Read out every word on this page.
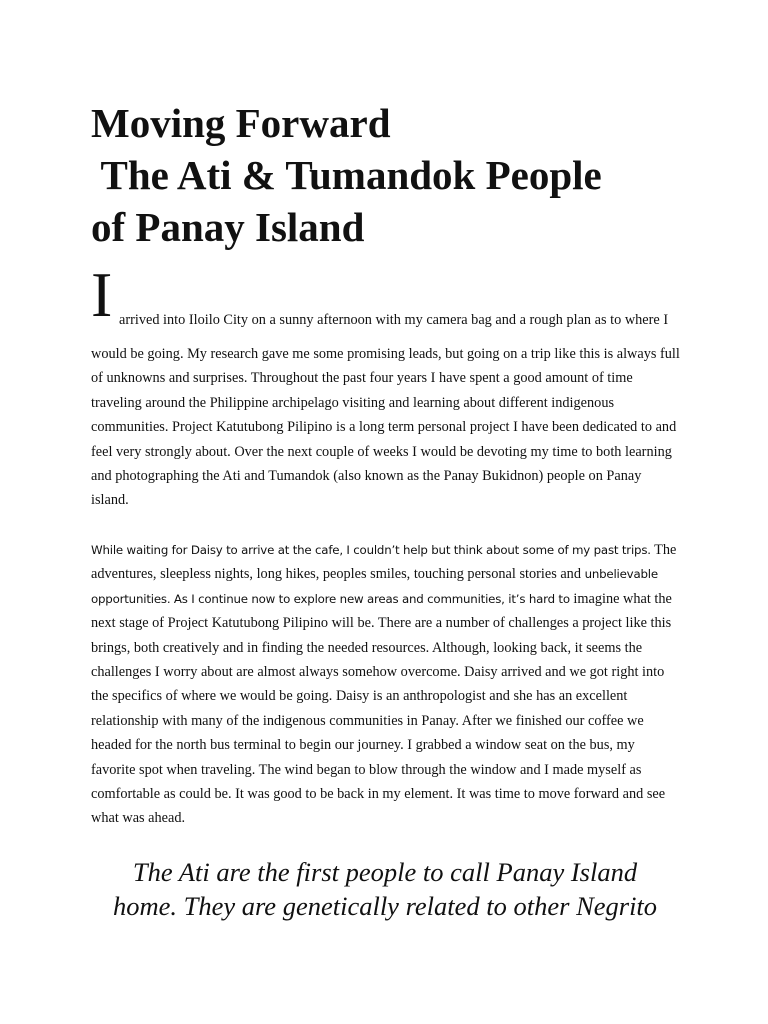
Moving Forward
The Ati & Tumandok People
of Panay Island
I arrived into Iloilo City on a sunny afternoon with my camera bag and a rough plan as to where I

would be going. My research gave me some promising leads, but going on a trip like this is always full of unknowns and surprises. Throughout the past four years I have spent a good amount of time traveling around the Philippine archipelago visiting and learning about different indigenous communities. Project Katutubong Pilipino is a long term personal project I have been dedicated to and feel very strongly about. Over the next couple of weeks I would be devoting my time to both learning and photographing the Ati and Tumandok (also known as the Panay Bukidnon) people on Panay island.

While waiting for Daisy to arrive at the cafe, I couldn’t help but think about some of my past trips. The adventures, sleepless nights, long hikes, peoples smiles, touching personal stories and unbelievable opportunities. As I continue now to explore new areas and communities, it’s hard to imagine what the next stage of Project Katutubong Pilipino will be. There are a number of challenges a project like this brings, both creatively and in finding the needed resources. Although, looking back, it seems the challenges I worry about are almost always somehow overcome. Daisy arrived and we got right into the specifics of where we would be going. Daisy is an anthropologist and she has an excellent relationship with many of the indigenous communities in Panay. After we finished our coffee we headed for the north bus terminal to begin our journey. I grabbed a window seat on the bus, my favorite spot when traveling. The wind began to blow through the window and I made myself as comfortable as could be. It was good to be back in my element. It was time to move forward and see what was ahead.

The Ati are the first people to call Panay Island
home. They are genetically related to other Negrito
